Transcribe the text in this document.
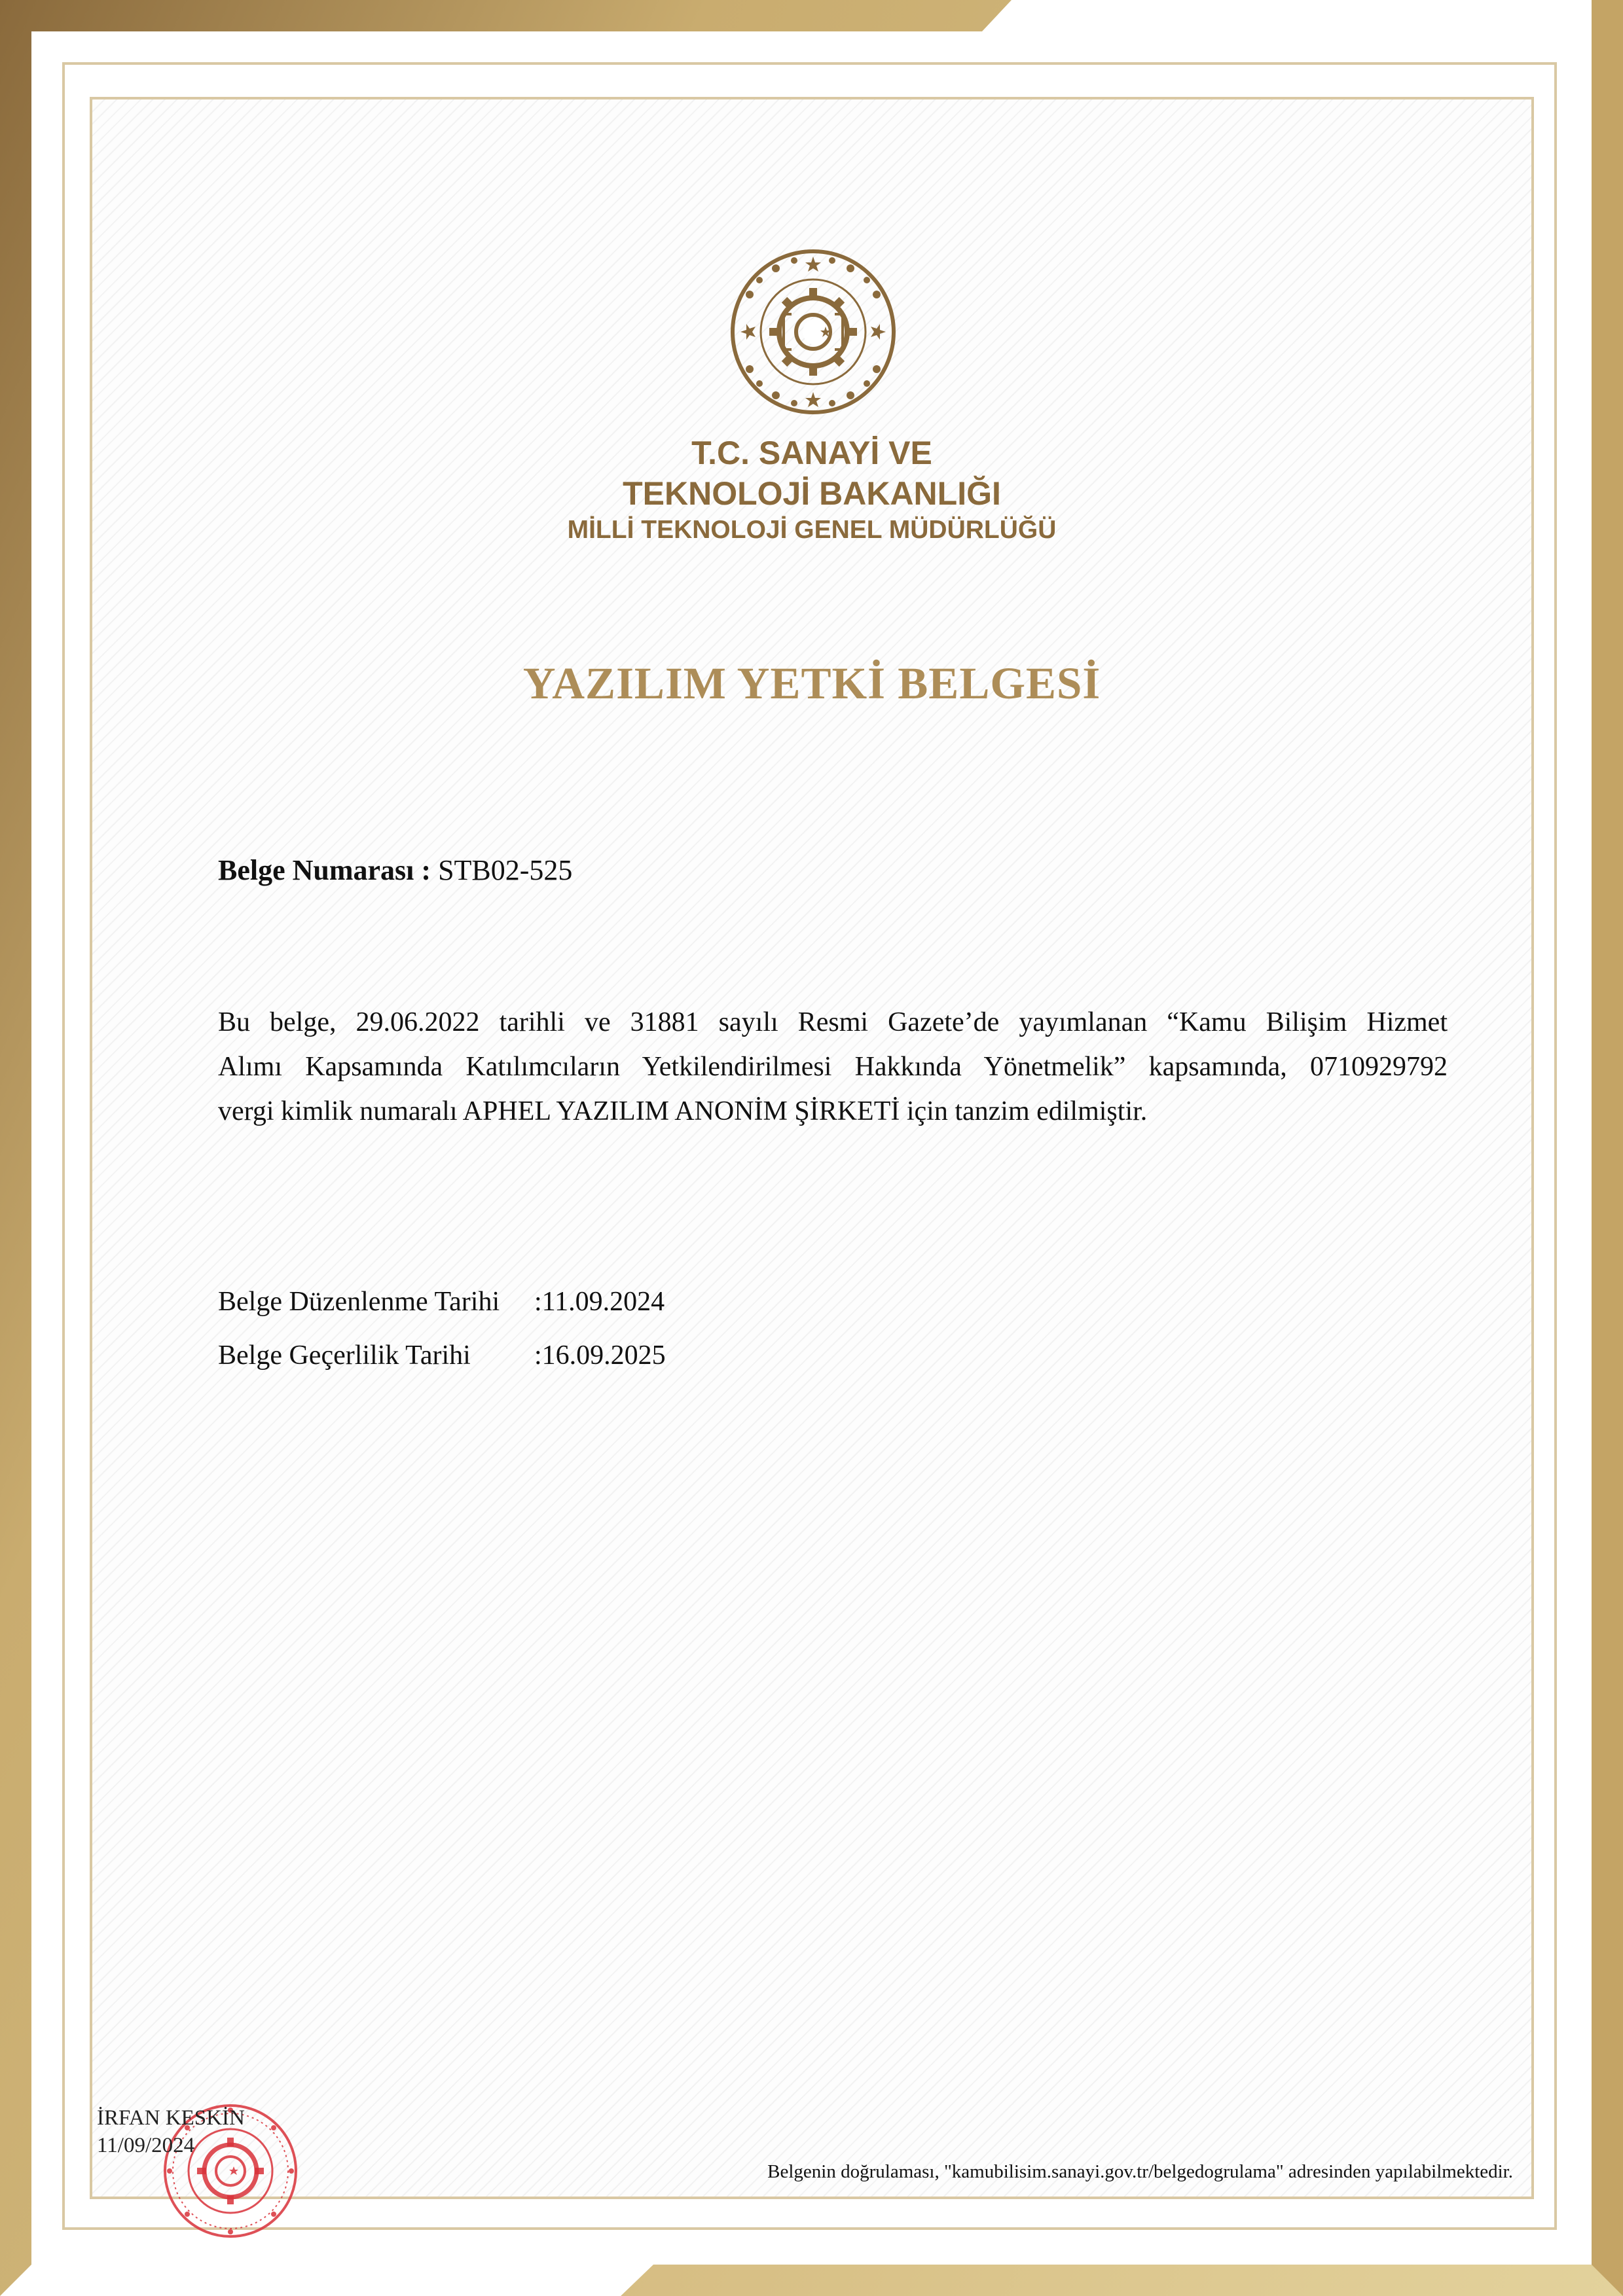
T.C. SANAYİ VE
TEKNOLOJİ BAKANLIĞI
MİLLİ TEKNOLOJİ GENEL MÜDÜRLÜĞÜ
YAZILIM YETKİ BELGESİ
Belge Numarası : STB02-525
Bu belge, 29.06.2022 tarihli ve 31881 sayılı Resmi Gazete’de yayımlanan “Kamu Bilişim Hizmet
Alımı Kapsamında Katılımcıların Yetkilendirilmesi Hakkında Yönetmelik” kapsamında, 0710929792
vergi kimlik numaralı APHEL YAZILIM ANONİM ŞİRKETİ için tanzim edilmiştir.
Belge Düzenlenme Tarihi :11.09.2024
Belge Geçerlilik Tarihi :16.09.2025
İRFAN KESKİN
11/09/2024
Belgenin doğrulaması, "kamubilisim.sanayi.gov.tr/belgedogrulama" adresinden yapılabilmektedir.
